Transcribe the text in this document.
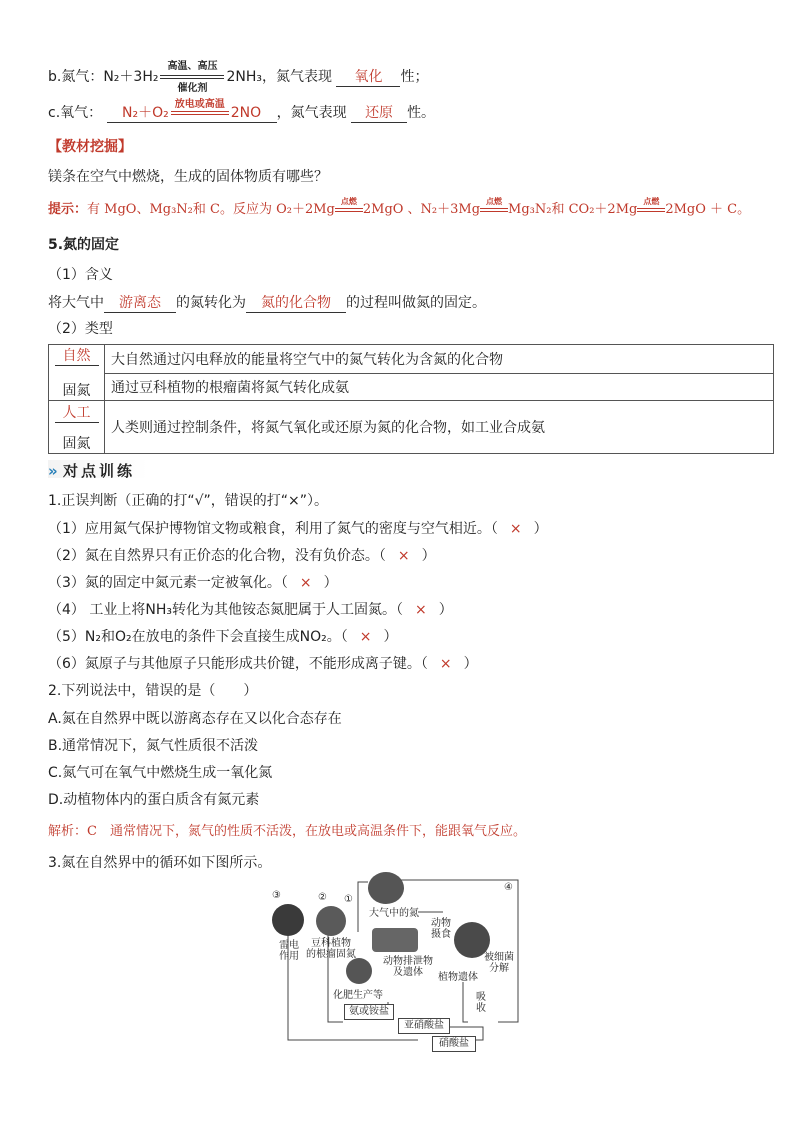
b.氮气：N₂＋3H₂
高温、高压
催化剂
2NH₃，氮气表现 氧化 性；
c.氧气： N₂＋O₂
放电或高温
2NO ，氮气表现 还原 性。
【教材挖掘】
镁条在空气中燃烧，生成的固体物质有哪些？
提示：有 MgO、Mg₃N₂和 C。反应为 O₂＋2Mg
点燃
2MgO 、N₂＋3Mg
点燃
Mg₃N₂和 CO₂＋2Mg
点燃
2MgO ＋ C。
5.氮的固定
（1）含义
将大气中 游离态 的氮转化为 氮的化合物 的过程叫做氮的固定。
（2）类型
自然
固氮	大自然通过闪电释放的能量将空气中的氮气转化为含氮的化合物
	通过豆科植物的根瘤菌将氮气转化成氨
人工
固氮	人类则通过控制条件，将氮气氧化或还原为氮的化合物，如工业合成氨
» 对点训练
1.正误判断（正确的打“√”，错误的打“×”）。
（1）应用氮气保护博物馆文物或粮食，利用了氮气的密度与空气相近。（ × ）
（2）氮在自然界只有正价态的化合物，没有负价态。（ × ）
（3）氮的固定中氮元素一定被氧化。（ × ）
（4） 工业上将NH₃转化为其他铵态氮肥属于人工固氮。（ × ）
（5）N₂和O₂在放电的条件下会直接生成NO₂。（ × ）
（6）氮原子与其他原子只能形成共价键，不能形成离子键。（ × ）
2.下列说法中，错误的是（　　）
A.氮在自然界中既以游离态存在又以化合态存在
B.通常情况下，氮气性质很不活泼
C.氮气可在氧气中燃烧生成一氧化氮
D.动植物体内的蛋白质含有氮元素
解析：C　通常情况下，氮气的性质不活泼，在放电或高温条件下，能跟氧气反应。
3.氮在自然界中的循环如下图所示。
③
雷电
作用
②
豆科植物
的根瘤固氮
①
大气中的氮
动物
摄食
④
动物排泄物
及遗体	植物遗体
被细菌
分解
化肥生产等
氨或铵盐
亚硝酸盐
硝酸盐
吸
收
